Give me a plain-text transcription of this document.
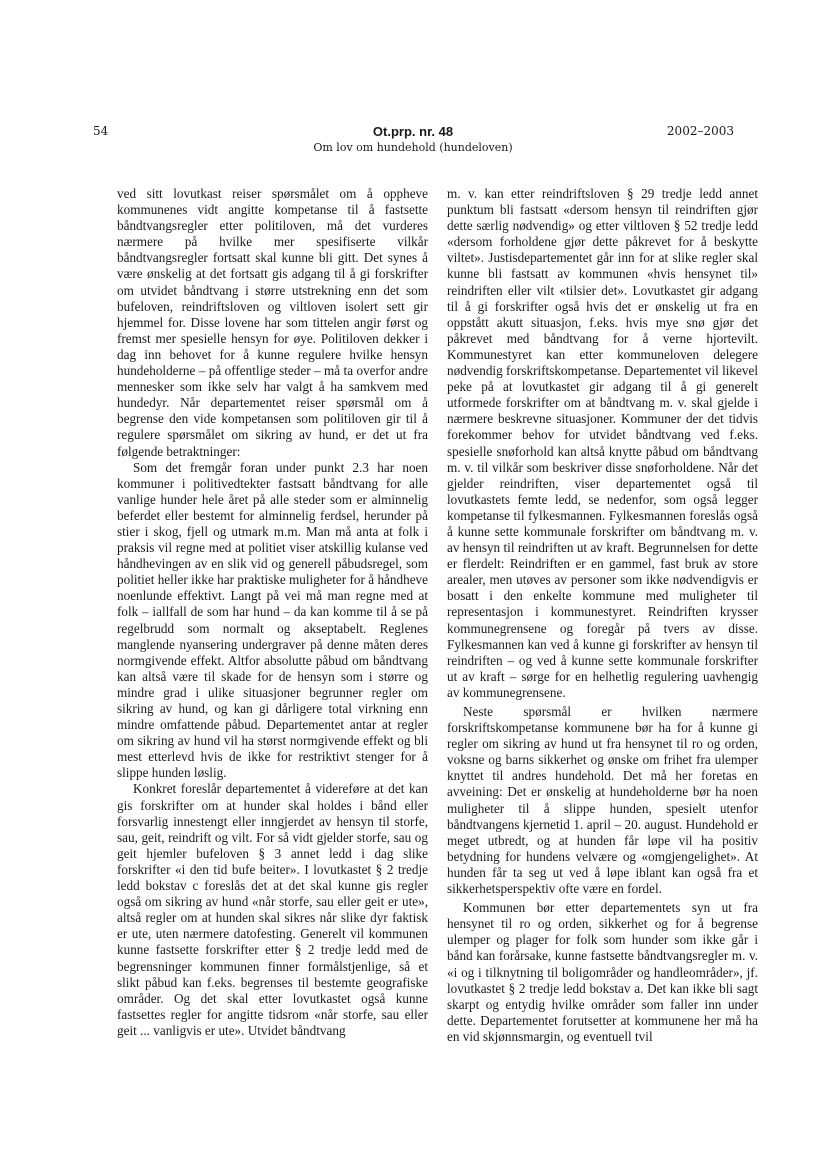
54	Ot.prp. nr. 48
Om lov om hundehold (hundeloven)
2002–2003

ved sitt lovutkast reiser spørsmålet om å oppheve kommunenes vidt angitte kompetanse til å fastsette båndtvangsregler etter politiloven, må det vurderes nærmere på hvilke mer spesifiserte vilkår båndtvangsregler fortsatt skal kunne bli gitt. Det synes å være ønskelig at det fortsatt gis adgang til å gi forskrifter om utvidet båndtvang i større utstrekning enn det som bufeloven, reindriftsloven og viltloven isolert sett gir hjemmel for. Disse lovene har som tittelen angir først og fremst mer spesielle hensyn for øye. Politiloven dekker i dag inn behovet for å kunne regulere hvilke hensyn hundeholderne – på offentlige steder – må ta overfor andre mennesker som ikke selv har valgt å ha samkvem med hundedyr. Når departementet reiser spørsmål om å begrense den vide kompetansen som politiloven gir til å regulere spørsmålet om sikring av hund, er det ut fra følgende betraktninger:

Som det fremgår foran under punkt 2.3 har noen kommuner i politivedtekter fastsatt båndtvang for alle vanlige hunder hele året på alle steder som er alminnelig beferdet eller bestemt for alminnelig ferdsel, herunder på stier i skog, fjell og utmark m.m. Man må anta at folk i praksis vil regne med at politiet viser atskillig kulanse ved håndhevingen av en slik vid og generell påbudsregel, som politiet heller ikke har praktiske muligheter for å håndheve noenlunde effektivt. Langt på vei må man regne med at folk – iallfall de som har hund – da kan komme til å se på regelbrudd som normalt og akseptabelt. Reglenes manglende nyansering undergraver på denne måten deres normgivende effekt. Altfor absolutte påbud om båndtvang kan altså være til skade for de hensyn som i større og mindre grad i ulike situasjoner begrunner regler om sikring av hund, og kan gi dårligere total virkning enn mindre omfattende påbud. Departementet antar at regler om sikring av hund vil ha størst normgivende effekt og bli mest etterlevd hvis de ikke for restriktivt stenger for å slippe hunden løslig.

Konkret foreslår departementet å videreføre at det kan gis forskrifter om at hunder skal holdes i bånd eller forsvarlig innestengt eller inngjerdet av hensyn til storfe, sau, geit, reindrift og vilt. For så vidt gjelder storfe, sau og geit hjemler bufeloven § 3 annet ledd i dag slike forskrifter «i den tid bufe beiter». I lovutkastet § 2 tredje ledd bokstav c foreslås det at det skal kunne gis regler også om sikring av hund «når storfe, sau eller geit er ute», altså regler om at hunden skal sikres når slike dyr faktisk er ute, uten nærmere datofesting. Generelt vil kommunen kunne fastsette forskrifter etter § 2 tredje ledd med de begrensninger kommunen finner formålstjenlige, så et slikt påbud kan f.eks. begrenses til bestemte geografiske områder. Og det skal etter lovutkastet også kunne fastsettes regler for angitte tidsrom «når storfe, sau eller geit ... vanligvis er ute». Utvidet båndtvang

m. v. kan etter reindriftsloven § 29 tredje ledd annet punktum bli fastsatt «dersom hensyn til reindriften gjør dette særlig nødvendig» og etter viltloven § 52 tredje ledd «dersom forholdene gjør dette påkrevet for å beskytte viltet». Justisdepartementet går inn for at slike regler skal kunne bli fastsatt av kommunen «hvis hensynet til» reindriften eller vilt «tilsier det». Lovutkastet gir adgang til å gi forskrifter også hvis det er ønskelig ut fra en oppstått akutt situasjon, f.eks. hvis mye snø gjør det påkrevet med båndtvang for å verne hjortevilt. Kommunestyret kan etter kommuneloven delegere nødvendig forskriftskompetanse. Departementet vil likevel peke på at lovutkastet gir adgang til å gi generelt utformede forskrifter om at båndtvang m. v. skal gjelde i nærmere beskrevne situasjoner. Kommuner der det tidvis forekommer behov for utvidet båndtvang ved f.eks. spesielle snøforhold kan altså knytte påbud om båndtvang m. v. til vilkår som beskriver disse snøforholdene. Når det gjelder reindriften, viser departementet også til lovutkastets femte ledd, se nedenfor, som også legger kompetanse til fylkesmannen. Fylkesmannen foreslås også å kunne sette kommunale forskrifter om båndtvang m. v. av hensyn til reindriften ut av kraft. Begrunnelsen for dette er flerdelt: Reindriften er en gammel, fast bruk av store arealer, men utøves av personer som ikke nødvendigvis er bosatt i den enkelte kommune med muligheter til representasjon i kommunestyret. Reindriften krysser kommunegrensene og foregår på tvers av disse. Fylkesmannen kan ved å kunne gi forskrifter av hensyn til reindriften – og ved å kunne sette kommunale forskrifter ut av kraft – sørge for en helhetlig regulering uavhengig av kommunegrensene.

Neste spørsmål er hvilken nærmere forskriftskompetanse kommunene bør ha for å kunne gi regler om sikring av hund ut fra hensynet til ro og orden, voksne og barns sikkerhet og ønske om frihet fra ulemper knyttet til andres hundehold. Det må her foretas en avveining: Det er ønskelig at hundeholderne bør ha noen muligheter til å slippe hunden, spesielt utenfor båndtvangens kjernetid 1. april – 20. august. Hundehold er meget utbredt, og at hunden får løpe vil ha positiv betydning for hundens velvære og «omgjengelighet». At hunden får ta seg ut ved å løpe iblant kan også fra et sikkerhetsperspektiv ofte være en fordel.

Kommunen bør etter departementets syn ut fra hensynet til ro og orden, sikkerhet og for å begrense ulemper og plager for folk som hunder som ikke går i bånd kan forårsake, kunne fastsette båndtvangsregler m. v. «i og i tilknytning til boligområder og handleområder», jf. lovutkastet § 2 tredje ledd bokstav a. Det kan ikke bli sagt skarpt og entydig hvilke områder som faller inn under dette. Departementet forutsetter at kommunene her må ha en vid skjønnsmargin, og eventuell tvil
